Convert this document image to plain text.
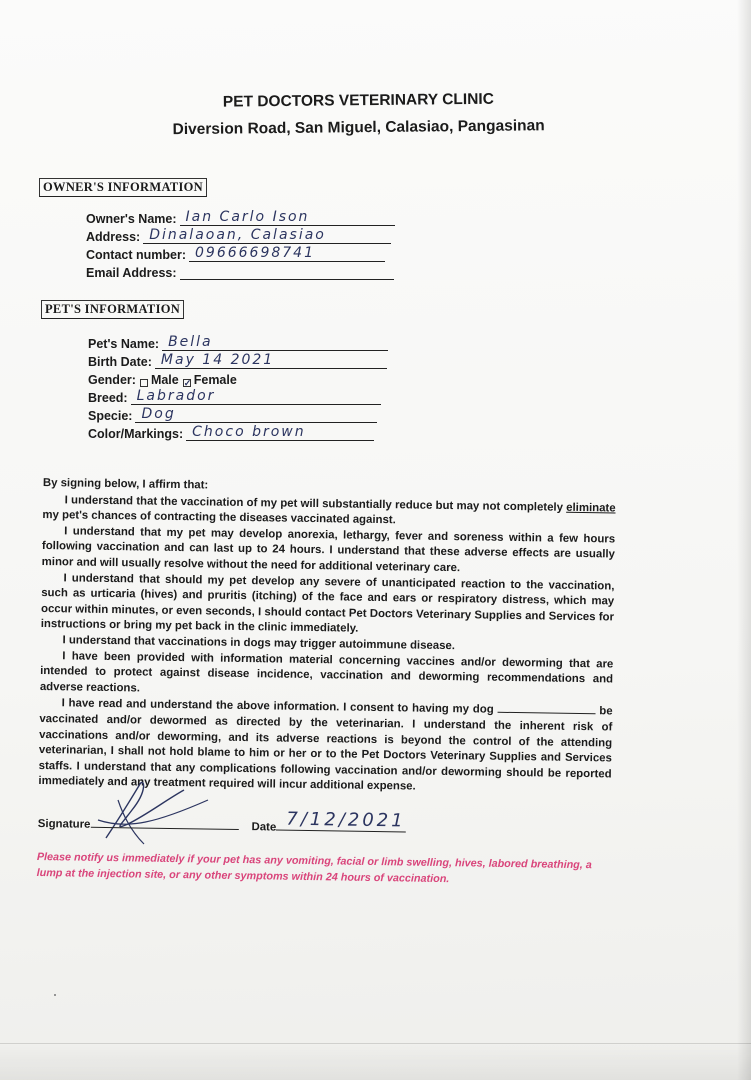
PET DOCTORS VETERINARY CLINIC
Diversion Road, San Miguel, Calasiao, Pangasinan
OWNER'S INFORMATION
Owner's Name: Ian Carlo Ison
Address: Dinalaoan, Calasiao
Contact number: 09666698741
Email Address:
PET'S INFORMATION
Pet's Name: Bella
Birth Date: May 14 2021
Gender: Male ✓ Female
Breed: Labrador
Specie: Dog
Color/Markings: Choco brown

By signing below, I affirm that:

I understand that the vaccination of my pet will substantially reduce but may not completely eliminate my pet's chances of contracting the diseases vaccinated against.

I understand that my pet may develop anorexia, lethargy, fever and soreness within a few hours following vaccination and can last up to 24 hours. I understand that these adverse effects are usually minor and will usually resolve without the need for additional veterinary care.

I understand that should my pet develop any severe of unanticipated reaction to the vaccination, such as urticaria (hives) and pruritis (itching) of the face and ears or respiratory distress, which may occur within minutes, or even seconds, I should contact Pet Doctors Veterinary Supplies and Services for instructions or bring my pet back in the clinic immediately.

I understand that vaccinations in dogs may trigger autoimmune disease.

I have been provided with information material concerning vaccines and/or deworming that are intended to protect against disease incidence, vaccination and deworming recommendations and adverse reactions.

I have read and understand the above information. I consent to having my dog	be vaccinated and/or dewormed as directed by the veterinarian. I understand the inherent risk of vaccinations and/or deworming, and its adverse reactions is beyond the control of the attending veterinarian, I shall not hold blame to him or her or to the Pet Doctors Veterinary Supplies and Services staffs. I understand that any complications following vaccination and/or deworming should be reported immediately and any treatment required will incur additional expense.

Signature	Date 7/12/2021
Please notify us immediately if your pet has any vomiting, facial or limb swelling, hives, labored breathing, a lump at the injection site, or any other symptoms within 24 hours of vaccination.
